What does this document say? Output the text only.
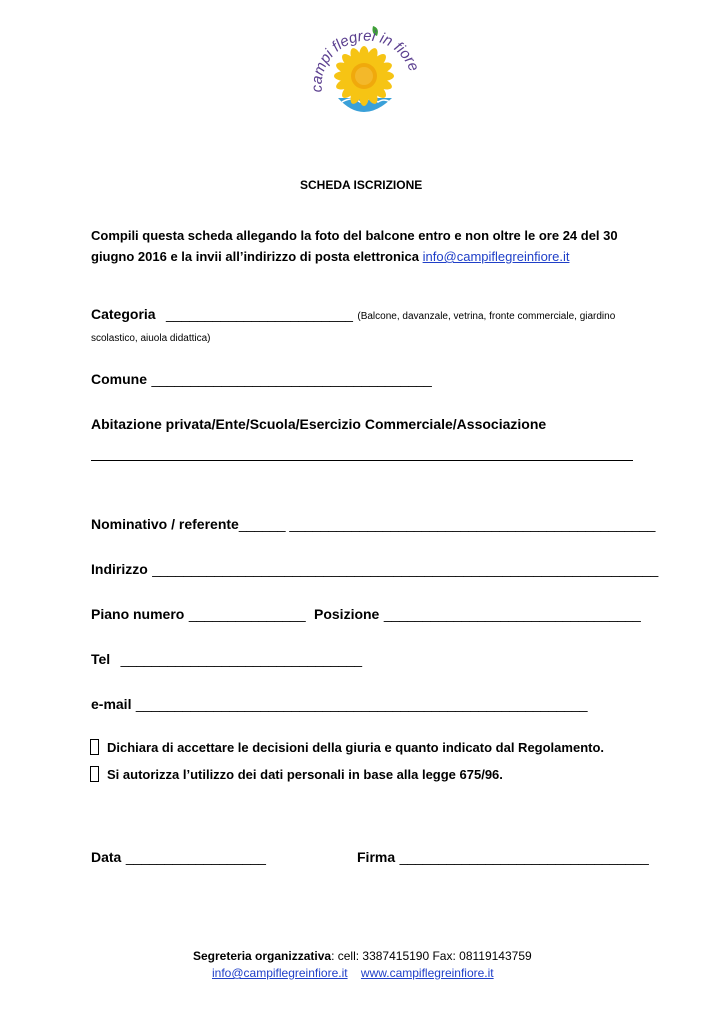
campi flegrei in fiore
SCHEDA ISCRIZIONE
Compili questa scheda allegando la foto del balcone entro e non oltre le ore 24 del 30
giugno 2016 e la invii all’indirizzo di posta elettronica info@campiflegreinfiore.it
Categoria ________________________ (Balcone, davanzale, vetrina, fronte commerciale, giardino
scolastico, aiuola didattica)
Comune ____________________________________
Abitazione privata/Ente/Scuola/Esercizio Commerciale/Associazione
Nominativo / referente______ _______________________________________________
Indirizzo _________________________________________________________________
Piano numero _______________ Posizione _________________________________
Tel _______________________________
e-mail __________________________________________________________
Dichiara di accettare le decisioni della giuria e quanto indicato dal Regolamento.
Si autorizza l’utilizzo dei dati personali in base alla legge 675/96.
Data __________________	Firma ________________________________
Segreteria organizzativa: cell: 3387415190 Fax: 08119143759
info@campiflegreinfiore.it www.campiflegreinfiore.it
